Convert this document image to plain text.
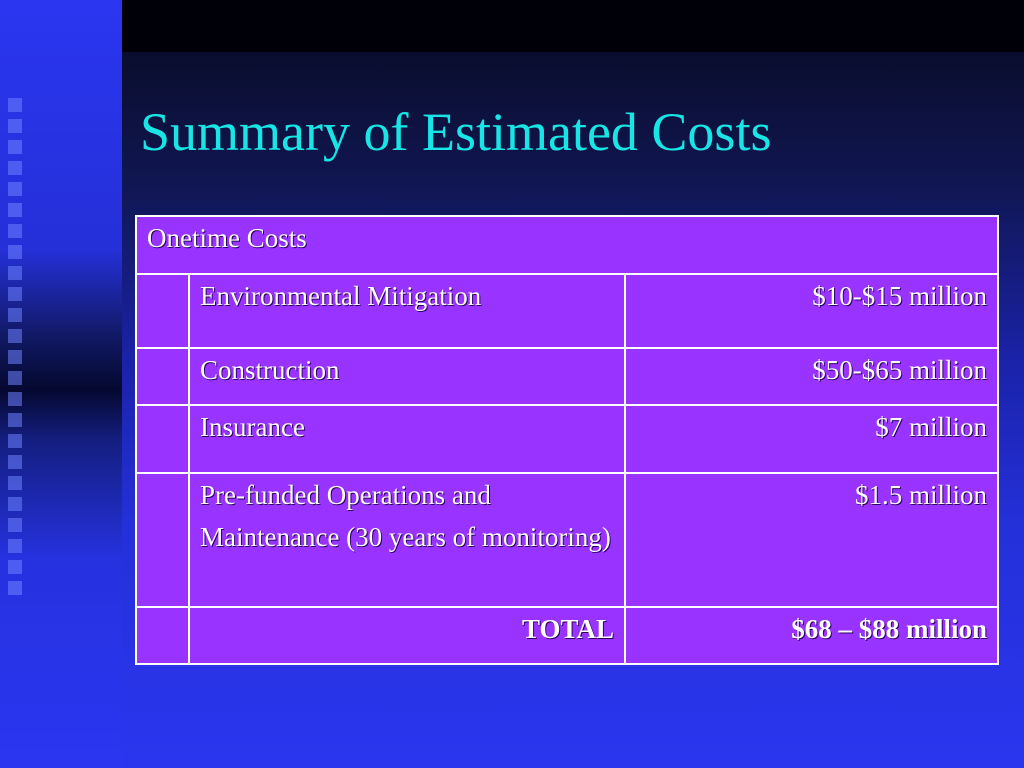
Summary of Estimated Costs
Onetime Costs		
	Environmental Mitigation	$10-$15 million
	Construction	$50-$65 million
	Insurance	$7 million
	Pre-funded Operations and Maintenance (30 years of monitoring)	$1.5 million
	TOTAL	$68 – $88 million
